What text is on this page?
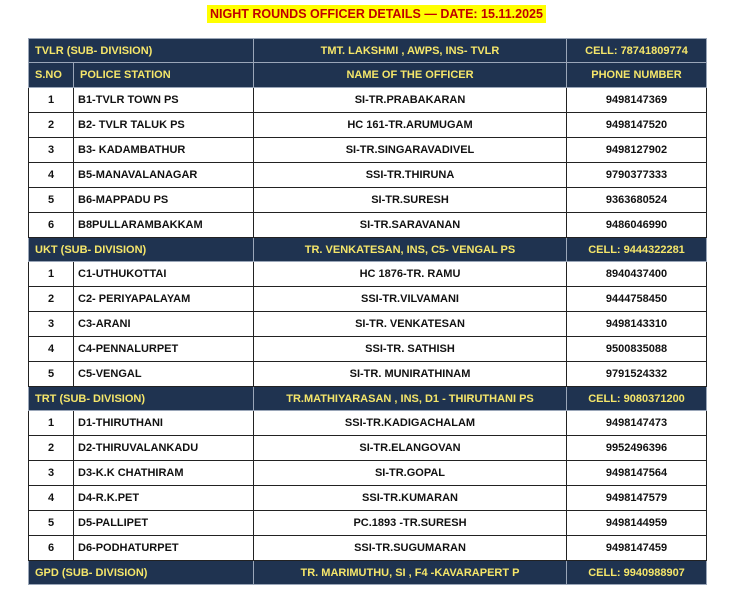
NIGHT ROUNDS OFFICER DETAILS — DATE: 15.11.2025
TVLR (SUB- DIVISION)		TMT. LAKSHMI , AWPS, INS- TVLR	CELL: 78741809774
S.NO	POLICE STATION	NAME OF THE OFFICER	PHONE NUMBER
1	B1-TVLR TOWN PS	SI-TR.PRABAKARAN	9498147369
2	B2- TVLR TALUK PS	HC 161-TR.ARUMUGAM	9498147520
3	B3- KADAMBATHUR	SI-TR.SINGARAVADIVEL	9498127902
4	B5-MANAVALANAGAR	SSI-TR.THIRUNA	9790377333
5	B6-MAPPADU PS	SI-TR.SURESH	9363680524
6	B8PULLARAMBAKKAM	SI-TR.SARAVANAN	9486046990
UKT (SUB- DIVISION)		TR. VENKATESAN, INS, C5- VENGAL PS	CELL: 9444322281
1	C1-UTHUKOTTAI	HC 1876-TR. RAMU	8940437400
2	C2- PERIYAPALAYAM	SSI-TR.VILVAMANI	9444758450
3	C3-ARANI	SI-TR. VENKATESAN	9498143310
4	C4-PENNALURPET	SSI-TR. SATHISH	9500835088
5	C5-VENGAL	SI-TR. MUNIRATHINAM	9791524332
TRT (SUB- DIVISION)		TR.MATHIYARASAN , INS, D1 - THIRUTHANI PS	CELL: 9080371200
1	D1-THIRUTHANI	SSI-TR.KADIGACHALAM	9498147473
2	D2-THIRUVALANKADU	SI-TR.ELANGOVAN	9952496396
3	D3-K.K CHATHIRAM	SI-TR.GOPAL	9498147564
4	D4-R.K.PET	SSI-TR.KUMARAN	9498147579
5	D5-PALLIPET	PC.1893 -TR.SURESH	9498144959
6	D6-PODHATURPET	SSI-TR.SUGUMARAN	9498147459
GPD (SUB- DIVISION)		TR. MARIMUTHU, SI , F4 -KAVARAPERT P	CELL: 9940988907
